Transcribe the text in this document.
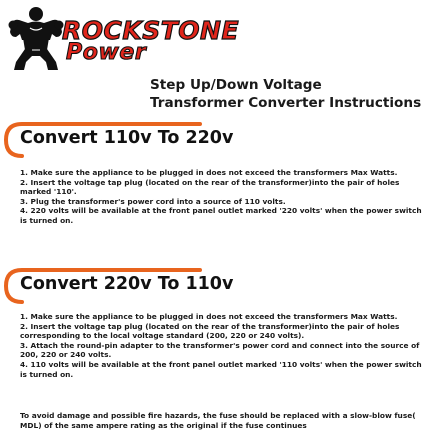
ROCKSTONE
Power
Step Up/Down Voltage
Transformer Converter Instructions
Convert 110v To 220v

1. Make sure the appliance to be plugged in does not exceed the transformers Max Watts.

2. Insert the voltage tap plug (located on the rear of the transformer)into the pair of holes marked '110'.

3. Plug the transformer's power cord into a source of 110 volts.

4. 220 volts will be available at the front panel outlet marked '220 volts' when the power switch is turned on.

Convert 220v To 110v

1. Make sure the appliance to be plugged in does not exceed the transformers Max Watts.

2. Insert the voltage tap plug (located on the rear of the transformer)into the pair of holes corresponding to the local voltage standard (200, 220 or 240 volts).

3. Attach the round-pin adapter to the transformer's power cord and connect into the source of 200, 220 or 240 volts.

4. 110 volts will be available at the front panel outlet marked '110 volts' when the power switch is turned on.

To avoid damage and possible fire hazards, the fuse should be replaced with a slow-blow fuse( MDL) of the same ampere rating as the original if the fuse continues
